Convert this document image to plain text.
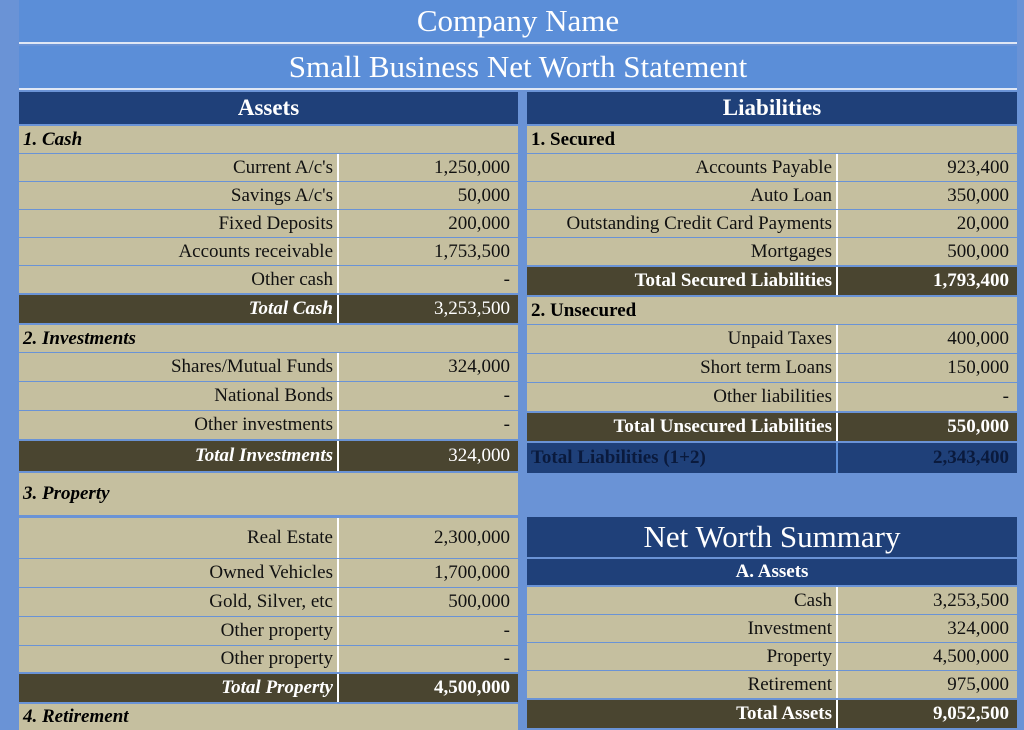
Company Name
Small Business Net Worth Statement
Assets
1. Cash
Current A/c's	1,250,000
Savings A/c's	50,000
Fixed Deposits	200,000
Accounts receivable	1,753,500
Other cash	-
Total Cash	3,253,500
2. Investments
Shares/Mutual Funds	324,000
National Bonds	-
Other investments	-
Total Investments	324,000
3. Property
Real Estate	2,300,000
Owned Vehicles	1,700,000
Gold, Silver, etc	500,000
Other property	-
Other property	-
Total Property	4,500,000
4. Retirement
Liabilities
1. Secured
Accounts Payable	923,400
Auto Loan	350,000
Outstanding Credit Card Payments	20,000
Mortgages	500,000
Total Secured Liabilities	1,793,400
2. Unsecured
Unpaid Taxes	400,000
Short term Loans	150,000
Other liabilities	-
Total Unsecured Liabilities	550,000
Total Liabilities (1+2)	2,343,400
Net Worth Summary
A. Assets
Cash	3,253,500
Investment	324,000
Property	4,500,000
Retirement	975,000
Total Assets	9,052,500
